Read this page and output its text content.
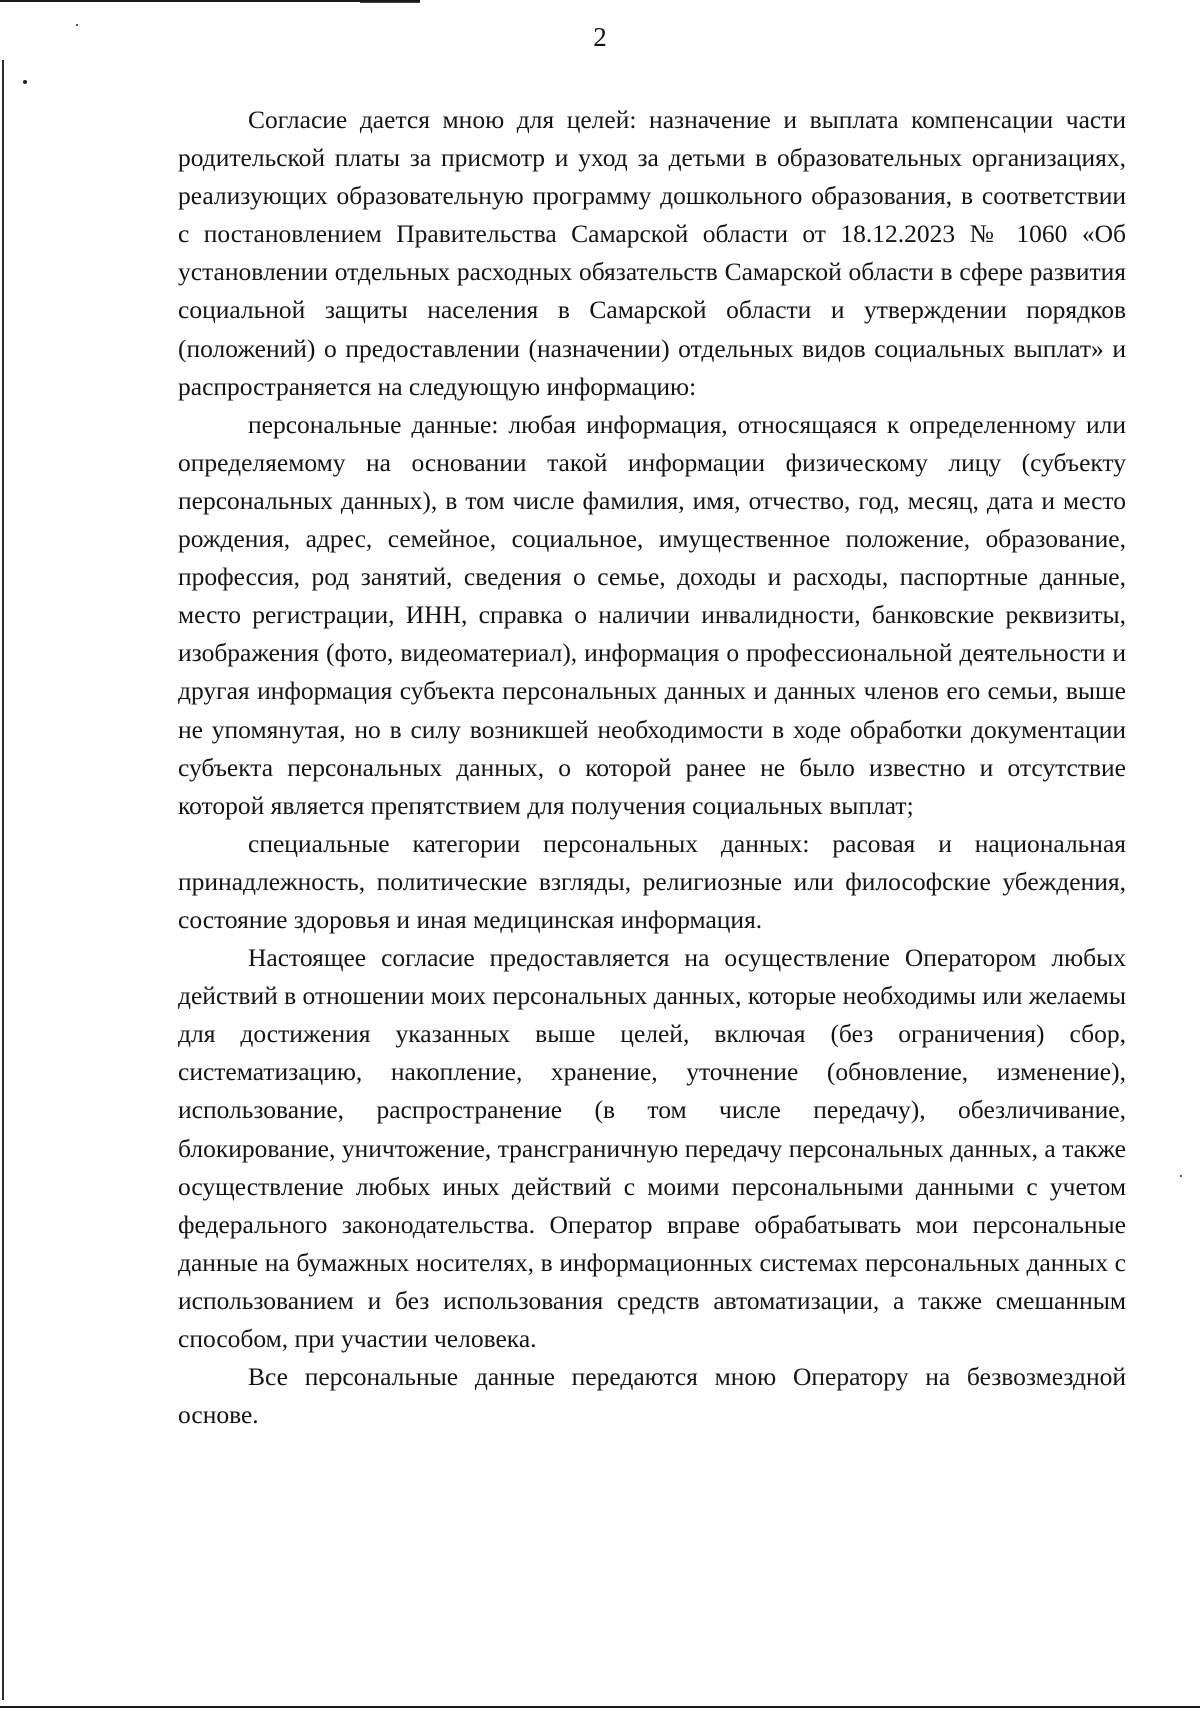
2

Согласие дается мною для целей: назначение и выплата компенсации части родительской платы за присмотр и уход за детьми в образовательных организациях, реализующих образовательную программу дошкольного образования, в соответствии с постановлением Правительства Самарской области от 18.12.2023 № 1060 «Об установлении отдельных расходных обязательств Самарской области в сфере развития социальной защиты населения в Самарской области и утверждении порядков (положений) о предоставлении (назначении) отдельных видов социальных выплат» и распространяется на следующую информацию:

персональные данные: любая информация, относящаяся к определенному или определяемому на основании такой информации физическому лицу (субъекту персональных данных), в том числе фамилия, имя, отчество, год, месяц, дата и место рождения, адрес, семейное, социальное, имущественное положение, образование, профессия, род занятий, сведения о семье, доходы и расходы, паспортные данные, место регистрации, ИНН, справка о наличии инвалидности, банковские реквизиты, изображения (фото, видеоматериал), информация о профессиональной деятельности и другая информация субъекта персональных данных и данных членов его семьи, выше не упомянутая, но в силу возникшей необходимости в ходе обработки документации субъекта персональных данных, о которой ранее не было известно и отсутствие которой является препятствием для получения социальных выплат;

специальные категории персональных данных: расовая и национальная принадлежность, политические взгляды, религиозные или философские убеждения, состояние здоровья и иная медицинская информация.

Настоящее согласие предоставляется на осуществление Оператором любых действий в отношении моих персональных данных, которые необходимы или желаемы для достижения указанных выше целей, включая (без ограничения) сбор, систематизацию, накопление, хранение, уточнение (обновление, изменение), использование, распространение (в том числе передачу), обезличивание, блокирование, уничтожение, трансграничную передачу персональных данных, а также осуществление любых иных действий с моими персональными данными с учетом федерального законодательства. Оператор вправе обрабатывать мои персональные данные на бумажных носителях, в информационных системах персональных данных с использованием и без использования средств автоматизации, а также смешанным способом, при участии человека.

Все персональные данные передаются мною Оператору на безвозмездной основе.
